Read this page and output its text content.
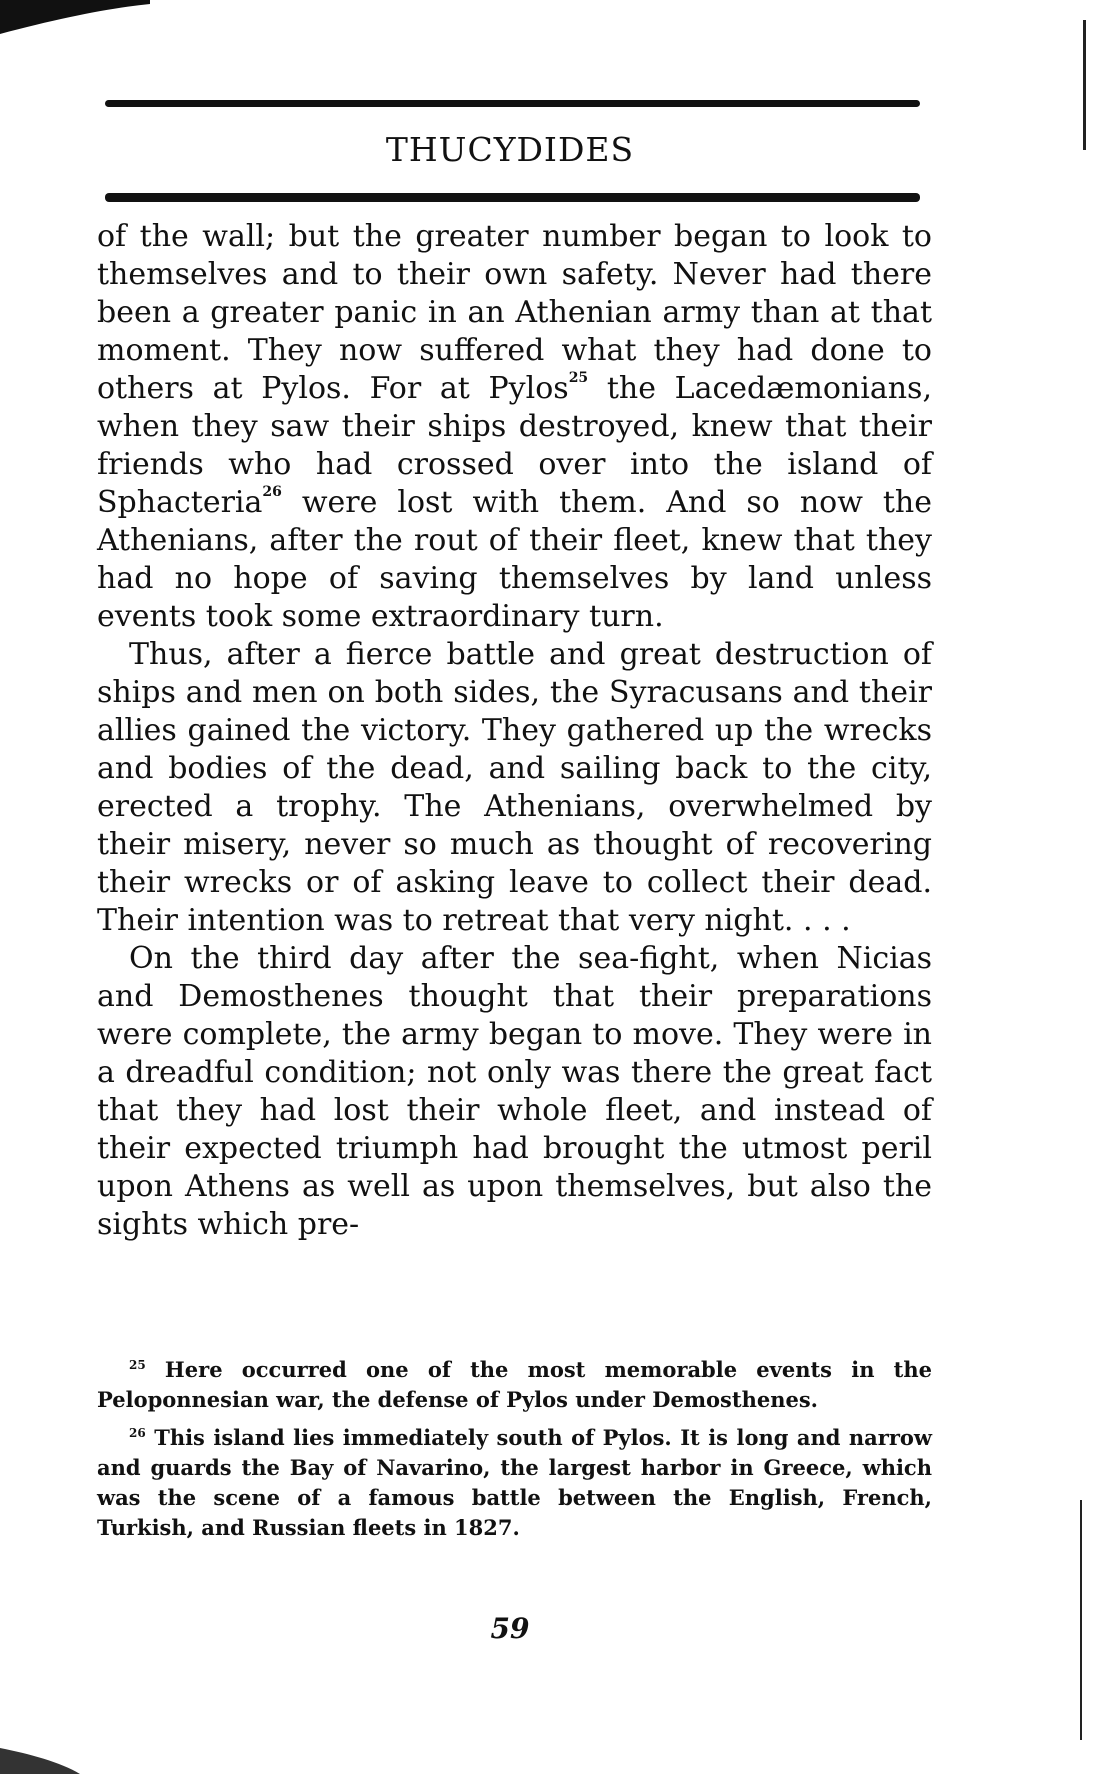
THUCYDIDES

of the wall; but the greater number began to look to themselves and to their own safety. Never had there been a greater panic in an Athenian army than at that moment. They now suffered what they had done to others at Pylos. For at Pylos$^{25}$ the Lacedæmonians, when they saw their ships destroyed, knew that their friends who had crossed over into the island of Sphacteria$^{26}$ were lost with them. And so now the Athenians, after the rout of their fleet, knew that they had no hope of saving themselves by land unless events took some extraordinary turn.

Thus, after a fierce battle and great destruction of ships and men on both sides, the Syracusans and their allies gained the victory. They gathered up the wrecks and bodies of the dead, and sailing back to the city, erected a trophy. The Athenians, overwhelmed by their misery, never so much as thought of recovering their wrecks or of asking leave to collect their dead. Their intention was to retreat that very night. . . .

On the third day after the sea-fight, when Nicias and Demosthenes thought that their preparations were complete, the army began to move. They were in a dreadful condition; not only was there the great fact that they had lost their whole fleet, and instead of their expected triumph had brought the utmost peril upon Athens as well as upon themselves, but also the sights which pre-

$^{25}$ Here occurred one of the most memorable events in the Peloponnesian war, the defense of Pylos under Demosthenes.

$^{26}$ This island lies immediately south of Pylos. It is long and narrow and guards the Bay of Navarino, the largest harbor in Greece, which was the scene of a famous battle between the English, French, Turkish, and Russian fleets in 1827.

59
